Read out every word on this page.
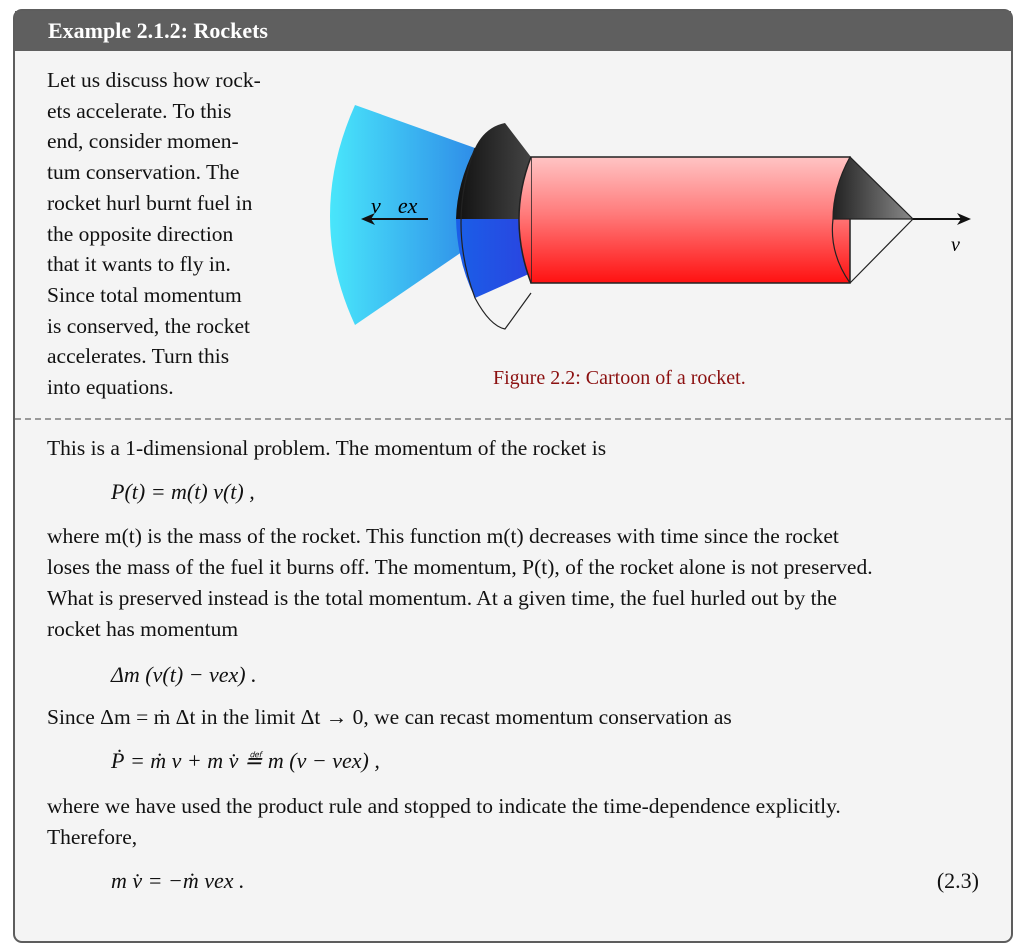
Example 2.1.2: Rockets
Let us discuss how rock-
ets accelerate. To this
end, consider momen-
tum conservation. The
rocket hurl burnt fuel in
the opposite direction
that it wants to fly in.
Since total momentum
is conserved, the rocket
accelerates. Turn this
into equations.
v⃗ex
v⃗
Figure 2.2: Cartoon of a rocket.
This is a 1-dimensional problem. The momentum of the rocket is
P(t) = m(t) v(t) ,
where m(t) is the mass of the rocket. This function m(t) decreases with time since the rocket
loses the mass of the fuel it burns off. The momentum, P(t), of the rocket alone is not preserved.
What is preserved instead is the total momentum. At a given time, the fuel hurled out by the
rocket has momentum
Δm (v(t) − vex) .
Since Δm = ṁ Δt in the limit Δt → 0, we can recast momentum conservation as
Ṗ = ṁ v + m v̇ ≝ m (v − vex) ,
where we have used the product rule and stopped to indicate the time-dependence explicitly.
Therefore,
m v̇ = −ṁ vex .	(2.3)
